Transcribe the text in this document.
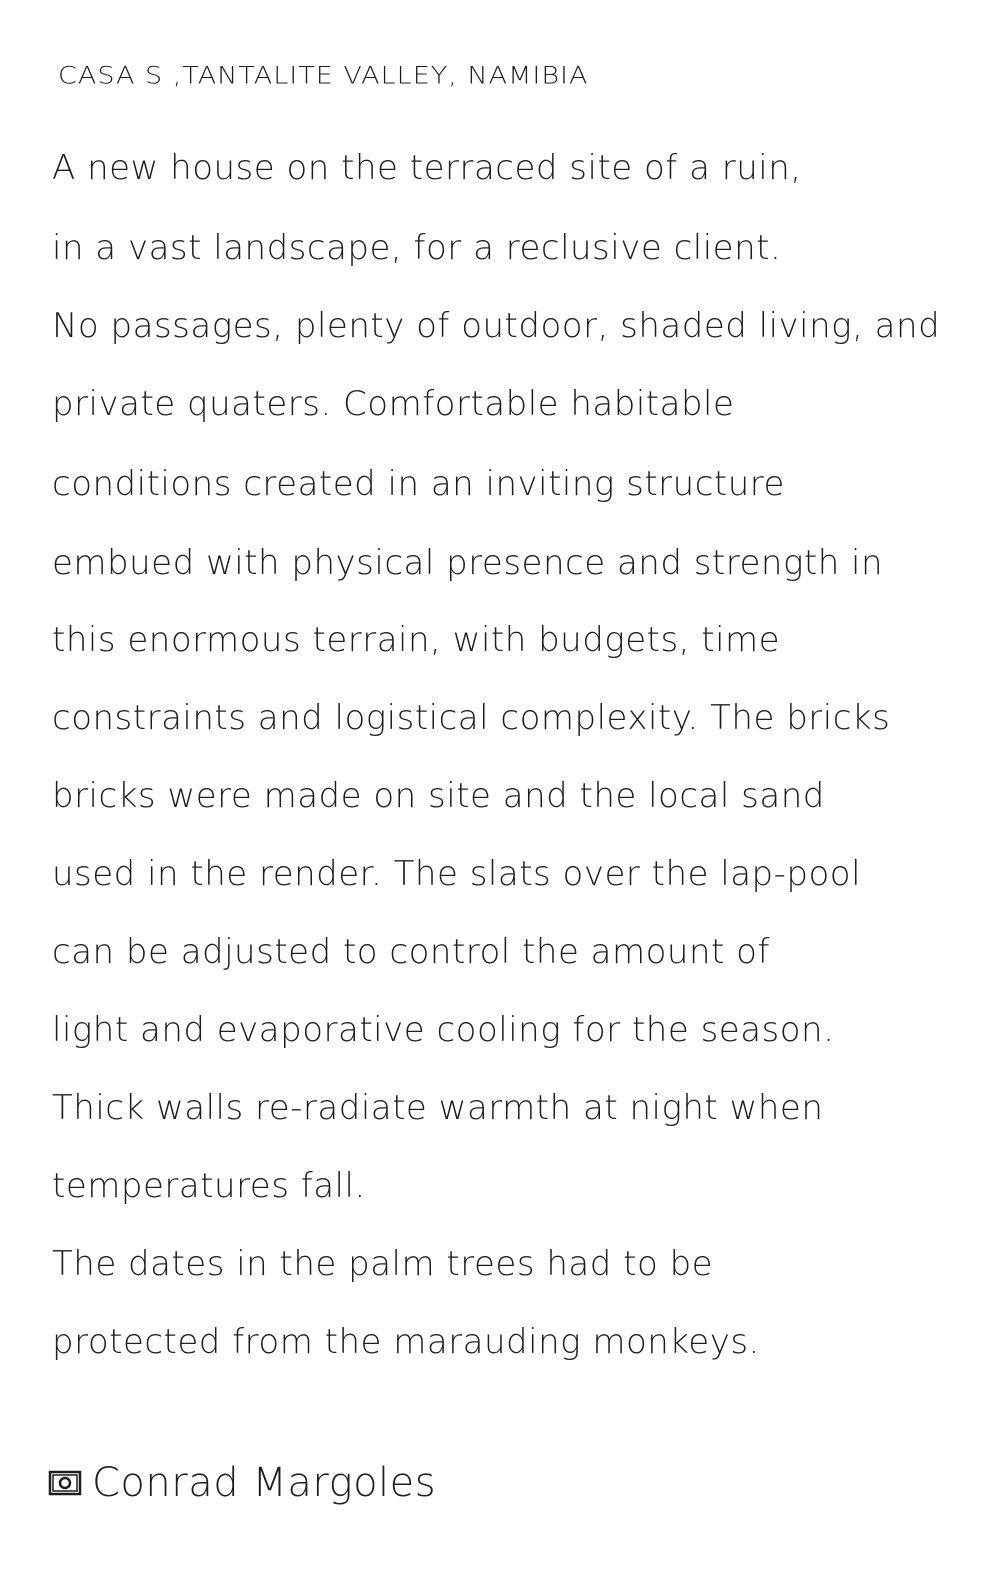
CASA S ,TANTALITE VALLEY, NAMIBIA
A new house on the terraced site of a ruin,
in a vast landscape, for a reclusive client.
No passages, plenty of outdoor, shaded living, and
private quaters. Comfortable habitable
conditions created in an inviting structure
embued with physical presence and strength in
this enormous terrain, with budgets, time
constraints and logistical complexity. The bricks
bricks were made on site and the local sand
used in the render. The slats over the lap-pool
can be adjusted to control the amount of
light and evaporative cooling for the season.
Thick walls re-radiate warmth at night when
temperatures fall.
The dates in the palm trees had to be
protected from the marauding monkeys.
Conrad Margoles
